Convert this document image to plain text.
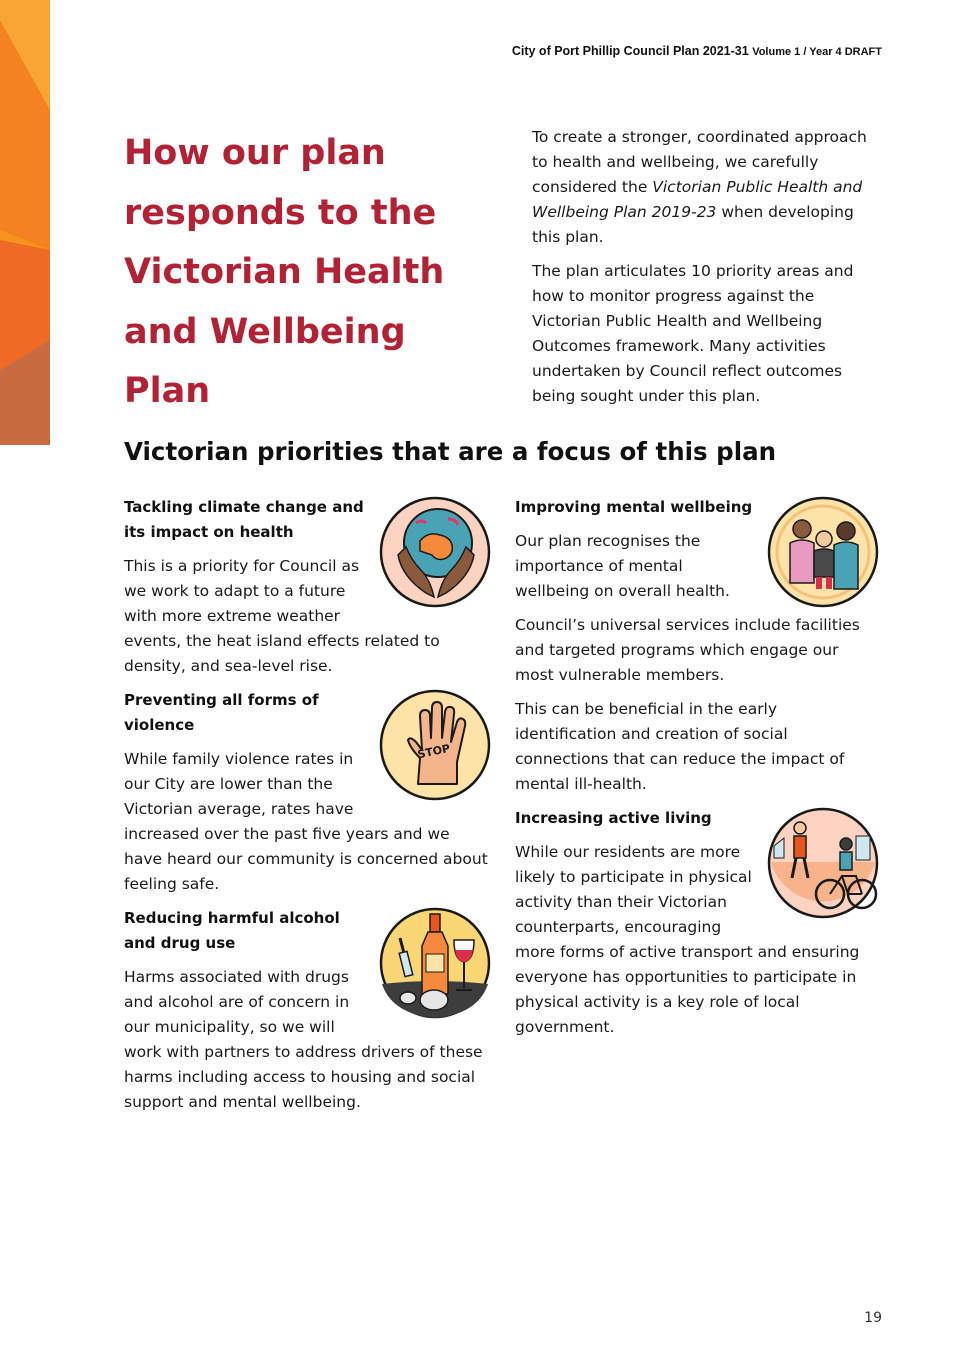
City of Port Phillip Council Plan 2021-31 Volume 1 / Year 4 DRAFT
How our plan responds to the Victorian Health and Wellbeing Plan

To create a stronger, coordinated approach to health and wellbeing, we carefully considered the Victorian Public Health and Wellbeing Plan 2019-23 when developing this plan.

The plan articulates 10 priority areas and how to monitor progress against the Victorian Public Health and Wellbeing Outcomes framework. Many activities undertaken by Council reflect outcomes being sought under this plan.

Victorian priorities that are a focus of this plan
Tackling climate change and its impact on health

This is a priority for Council as we work to adapt to a future with more extreme weather events, the heat island effects related to density, and sea-level rise.

STOP
Preventing all forms of violence

While family violence rates in our City are lower than the Victorian average, rates have increased over the past five years and we have heard our community is concerned about feeling safe.

Reducing harmful alcohol and drug use

Harms associated with drugs and alcohol are of concern in our municipality, so we will work with partners to address drivers of these harms including access to housing and social support and mental wellbeing.

Improving mental wellbeing

Our plan recognises the importance of mental wellbeing on overall health.

Council’s universal services include facilities and targeted programs which engage our most vulnerable members.

This can be beneficial in the early identification and creation of social connections that can reduce the impact of mental ill-health.

Increasing active living

While our residents are more likely to participate in physical activity than their Victorian counterparts, encouraging more forms of active transport and ensuring everyone has opportunities to participate in physical activity is a key role of local government.

19
